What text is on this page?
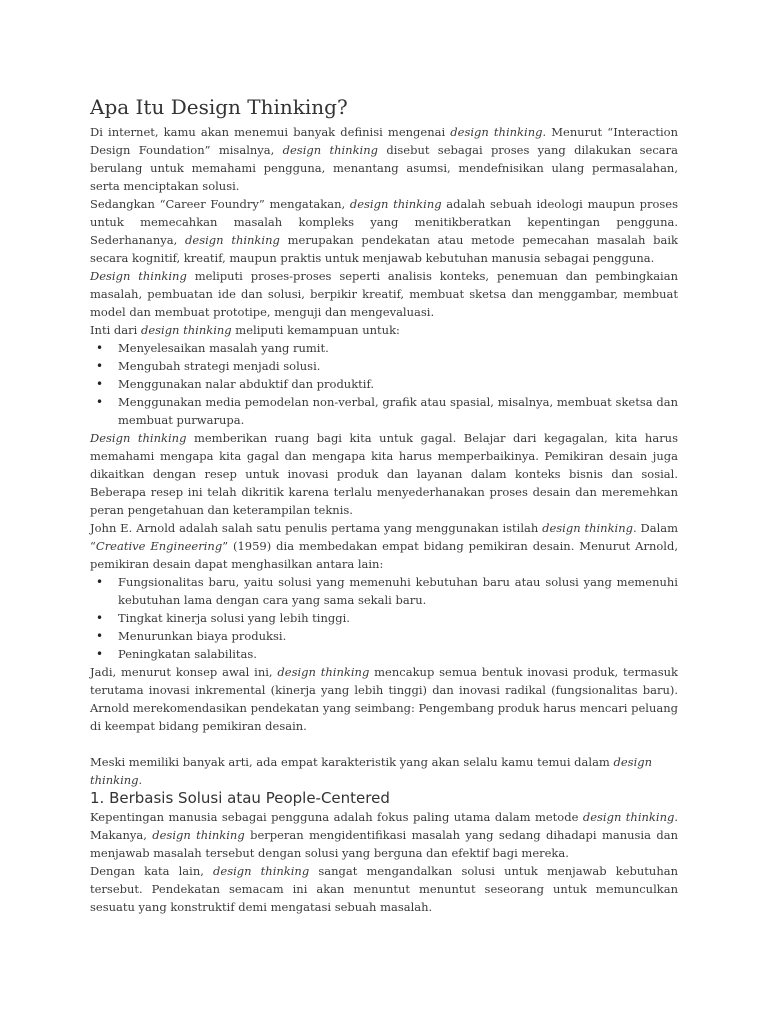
Apa Itu Design Thinking?

Di internet, kamu akan menemui banyak definisi mengenai design thinking. Menurut “Interaction Design Foundation” misalnya, design thinking disebut sebagai proses yang dilakukan secara berulang untuk memahami pengguna, menantang asumsi, mendefnisikan ulang permasalahan, serta menciptakan solusi.

Sedangkan “Career Foundry” mengatakan, design thinking adalah sebuah ideologi maupun proses untuk memecahkan masalah kompleks yang menitikberatkan kepentingan pengguna. Sederhananya, design thinking merupakan pendekatan atau metode pemecahan masalah baik secara kognitif, kreatif, maupun praktis untuk menjawab kebutuhan manusia sebagai pengguna.

Design thinking meliputi proses-proses seperti analisis konteks, penemuan dan pembingkaian masalah, pembuatan ide dan solusi, berpikir kreatif, membuat sketsa dan menggambar, membuat model dan membuat prototipe, menguji dan mengevaluasi.

Inti dari design thinking meliputi kemampuan untuk:

• Menyelesaikan masalah yang rumit.
• Mengubah strategi menjadi solusi.
• Menggunakan nalar abduktif dan produktif.
• Menggunakan media pemodelan non-verbal, grafik atau spasial, misalnya, membuat sketsa dan membuat purwarupa.

Design thinking memberikan ruang bagi kita untuk gagal. Belajar dari kegagalan, kita harus memahami mengapa kita gagal dan mengapa kita harus memperbaikinya. Pemikiran desain juga dikaitkan dengan resep untuk inovasi produk dan layanan dalam konteks bisnis dan sosial. Beberapa resep ini telah dikritik karena terlalu menyederhanakan proses desain dan meremehkan peran pengetahuan dan keterampilan teknis.

John E. Arnold adalah salah satu penulis pertama yang menggunakan istilah design thinking. Dalam “Creative Engineering” (1959) dia membedakan empat bidang pemikiran desain. Menurut Arnold, pemikiran desain dapat menghasilkan antara lain:

• Fungsionalitas baru, yaitu solusi yang memenuhi kebutuhan baru atau solusi yang memenuhi kebutuhan lama dengan cara yang sama sekali baru.
• Tingkat kinerja solusi yang lebih tinggi.
• Menurunkan biaya produksi.
• Peningkatan salabilitas.

Jadi, menurut konsep awal ini, design thinking mencakup semua bentuk inovasi produk, termasuk terutama inovasi inkremental (kinerja yang lebih tinggi) dan inovasi radikal (fungsionalitas baru). Arnold merekomendasikan pendekatan yang seimbang: Pengembang produk harus mencari peluang di keempat bidang pemikiran desain.

Meski memiliki banyak arti, ada empat karakteristik yang akan selalu kamu temui dalam design thinking.

1. Berbasis Solusi atau People-Centered

Kepentingan manusia sebagai pengguna adalah fokus paling utama dalam metode design thinking. Makanya, design thinking berperan mengidentifikasi masalah yang sedang dihadapi manusia dan menjawab masalah tersebut dengan solusi yang berguna dan efektif bagi mereka.

Dengan kata lain, design thinking sangat mengandalkan solusi untuk menjawab kebutuhan tersebut. Pendekatan semacam ini akan menuntut menuntut seseorang untuk memunculkan sesuatu yang konstruktif demi mengatasi sebuah masalah.
